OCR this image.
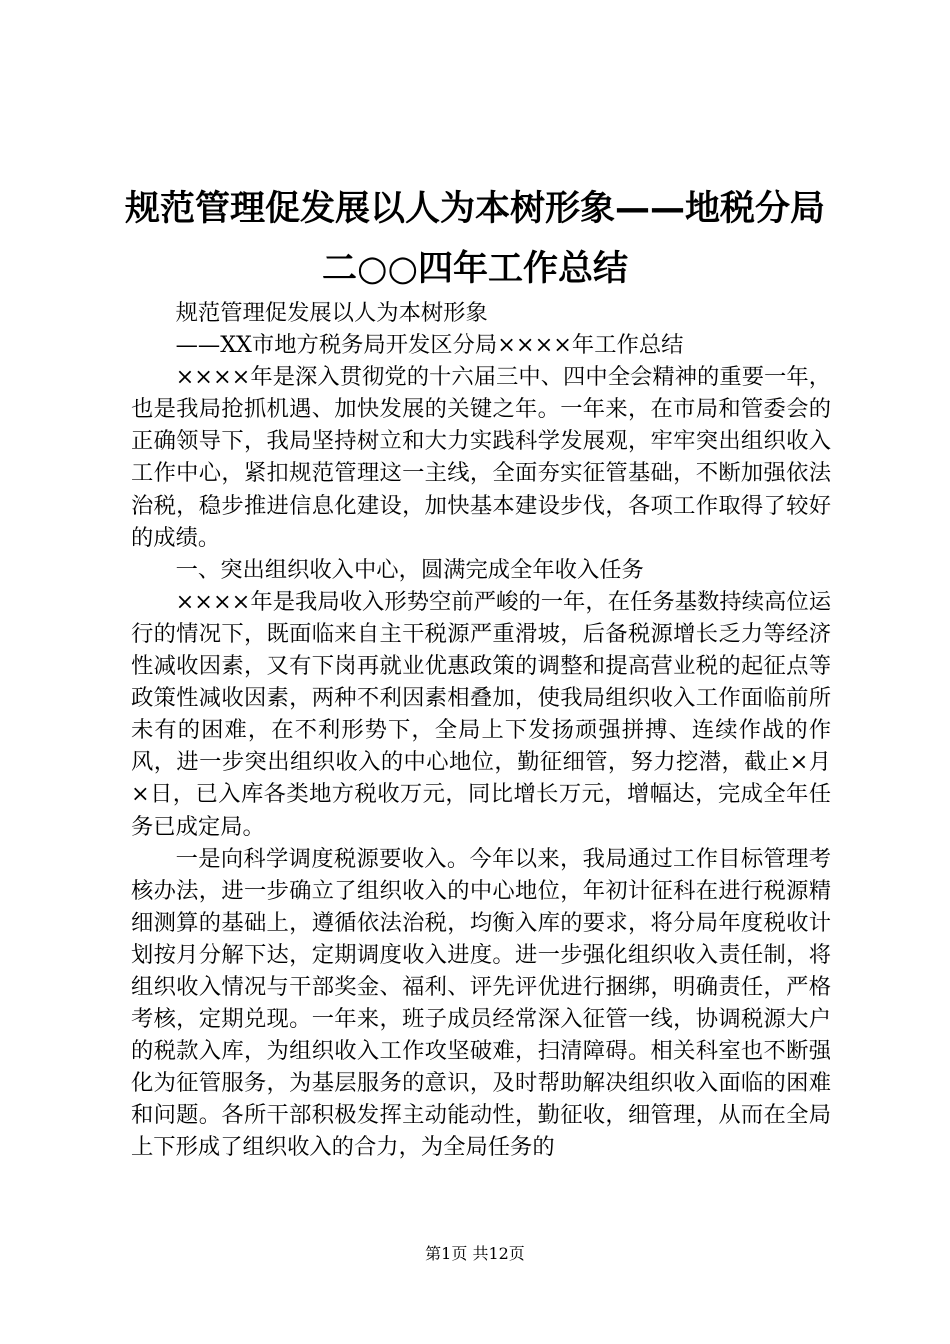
规范管理促发展以人为本树形象——地税分局
二○○四年工作总结

规范管理促发展以人为本树形象

——XX市地方税务局开发区分局××××年工作总结

××××年是深入贯彻党的十六届三中、四中全会精神的重要一年，也是我局抢抓机遇、加快发展的关键之年。一年来，在市局和管委会的正确领导下，我局坚持树立和大力实践科学发展观，牢牢突出组织收入工作中心，紧扣规范管理这一主线，全面夯实征管基础，不断加强依法治税，稳步推进信息化建设，加快基本建设步伐，各项工作取得了较好的成绩。

一、突出组织收入中心，圆满完成全年收入任务

××××年是我局收入形势空前严峻的一年，在任务基数持续高位运行的情况下，既面临来自主干税源严重滑坡，后备税源增长乏力等经济性减收因素，又有下岗再就业优惠政策的调整和提高营业税的起征点等政策性减收因素，两种不利因素相叠加，使我局组织收入工作面临前所未有的困难，在不利形势下，全局上下发扬顽强拼搏、连续作战的作风，进一步突出组织收入的中心地位，勤征细管，努力挖潜，截止×月×日，已入库各类地方税收万元，同比增长万元，增幅达，完成全年任务已成定局。

一是向科学调度税源要收入。今年以来，我局通过工作目标管理考核办法，进一步确立了组织收入的中心地位，年初计征科在进行税源精细测算的基础上，遵循依法治税，均衡入库的要求，将分局年度税收计划按月分解下达，定期调度收入进度。进一步强化组织收入责任制，将组织收入情况与干部奖金、福利、评先评优进行捆绑，明确责任，严格考核，定期兑现。一年来，班子成员经常深入征管一线，协调税源大户的税款入库，为组织收入工作攻坚破难，扫清障碍。相关科室也不断强化为征管服务，为基层服务的意识，及时帮助解决组织收入面临的困难和问题。各所干部积极发挥主动能动性，勤征收，细管理，从而在全局上下形成了组织收入的合力，为全局任务的

第1页 共12页
